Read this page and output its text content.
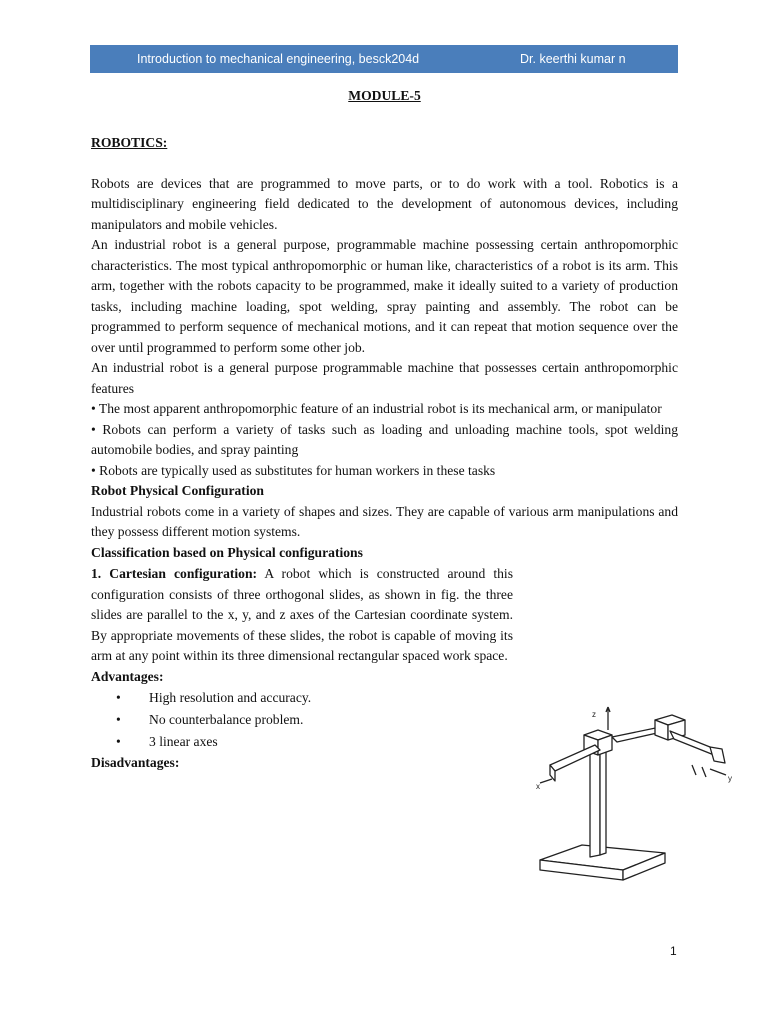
Introduction to mechanical engineering, besck204d	Dr. keerthi kumar n

MODULE-5

ROBOTICS:

Robots are devices that are programmed to move parts, or to do work with a tool. Robotics is a multidisciplinary engineering field dedicated to the development of autonomous devices, including manipulators and mobile vehicles.

An industrial robot is a general purpose, programmable machine possessing certain anthropomorphic characteristics. The most typical anthropomorphic or human like, characteristics of a robot is its arm. This arm, together with the robots capacity to be programmed, make it ideally suited to a variety of production tasks, including machine loading, spot welding, spray painting and assembly. The robot can be programmed to perform sequence of mechanical motions, and it can repeat that motion sequence over the over until programmed to perform some other job.

An industrial robot is a general purpose programmable machine that possesses certain anthropomorphic features

• The most apparent anthropomorphic feature of an industrial robot is its mechanical arm, or manipulator

• Robots can perform a variety of tasks such as loading and unloading machine tools, spot welding automobile bodies, and spray painting

• Robots are typically used as substitutes for human workers in these tasks

Robot Physical Configuration

Industrial robots come in a variety of shapes and sizes. They are capable of various arm manipulations and they possess different motion systems.

Classification based on Physical configurations

1. Cartesian configuration: A robot which is constructed around this configuration consists of three orthogonal slides, as shown in fig. the three slides are parallel to the x, y, and z axes of the Cartesian coordinate system. By appropriate movements of these slides, the robot is capable of moving its arm at any point within its three dimensional rectangular spaced work space.

Advantages:

• High resolution and accuracy.
• No counterbalance problem.
• 3 linear axes

Disadvantages:

z
x
y
1
